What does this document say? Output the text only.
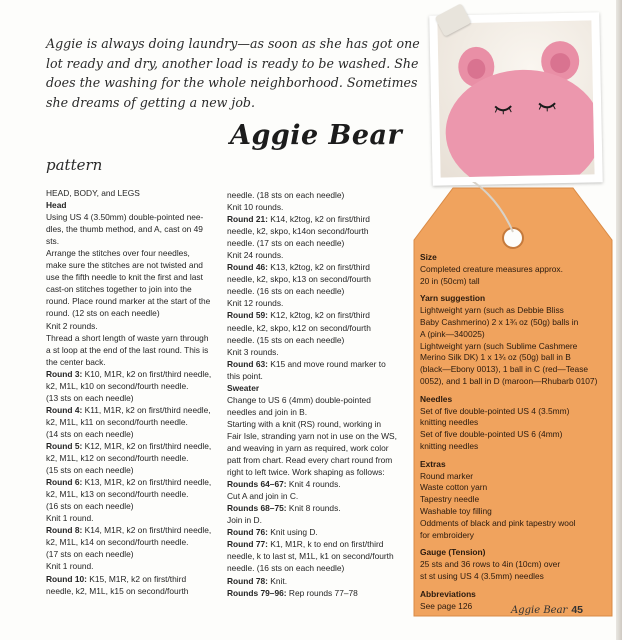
Aggie is always doing laundry—as soon as she has got one
lot ready and dry, another load is ready to be washed. She
does the washing for the whole neighborhood. Sometimes
she dreams of getting a new job.
Aggie Bear
pattern
HEAD, BODY, and LEGS
Head
Using US 4 (3.50mm) double-pointed nee-
dles, the thumb method, and A, cast on 49
sts.
Arrange the stitches over four needles,
make sure the stitches are not twisted and
use the fifth needle to knit the first and last
cast-on stitches together to join into the
round. Place round marker at the start of the
round. (12 sts on each needle)
Knit 2 rounds.
Thread a short length of waste yarn through
a st loop at the end of the last round. This is
the center back.
Round 3: K10, M1R, k2 on first/third needle,
k2, M1L, k10 on second/fourth needle.
(13 sts on each needle)
Round 4: K11, M1R, k2 on first/third needle,
k2, M1L, k11 on second/fourth needle.
(14 sts on each needle)
Round 5: K12, M1R, k2 on first/third needle,
k2, M1L, k12 on second/fourth needle.
(15 sts on each needle)
Round 6: K13, M1R, k2 on first/third needle,
k2, M1L, k13 on second/fourth needle.
(16 sts on each needle)
Knit 1 round.
Round 8: K14, M1R, k2 on first/third needle,
k2, M1L, k14 on second/fourth needle.
(17 sts on each needle)
Knit 1 round.
Round 10: K15, M1R, k2 on first/third
needle, k2, M1L, k15 on second/fourth
needle. (18 sts on each needle)
Knit 10 rounds.
Round 21: K14, k2tog, k2 on first/third
needle, k2, skpo, k14on second/fourth
needle. (17 sts on each needle)
Knit 24 rounds.
Round 46: K13, k2tog, k2 on first/third
needle, k2, skpo, k13 on second/fourth
needle. (16 sts on each needle)
Knit 12 rounds.
Round 59: K12, k2tog, k2 on first/third
needle, k2, skpo, k12 on second/fourth
needle. (15 sts on each needle)
Knit 3 rounds.
Round 63: K15 and move round marker to
this point.
Sweater
Change to US 6 (4mm) double-pointed
needles and join in B.
Starting with a knit (RS) round, working in
Fair Isle, stranding yarn not in use on the WS,
and weaving in yarn as required, work color
patt from chart. Read every chart round from
right to left twice. Work shaping as follows:
Rounds 64–67: Knit 4 rounds.
Cut A and join in C.
Rounds 68–75: Knit 8 rounds.
Join in D.
Round 76: Knit using D.
Round 77: K1, M1R, k to end on first/third
needle, k to last st, M1L, k1 on second/fourth
needle. (16 sts on each needle)
Round 78: Knit.
Rounds 79–96: Rep rounds 77–78
Size
Completed creature measures approx.
20 in (50cm) tall
Yarn suggestion
Lightweight yarn (such as Debbie Bliss
Baby Cashmerino) 2 x 1¾ oz (50g) balls in
A (pink—340025)
Lightweight yarn (such Sublime Cashmere
Merino Silk DK) 1 x 1¾ oz (50g) ball in B
(black—Ebony 0013), 1 ball in C (red—Tease
0052), and 1 ball in D (maroon—Rhubarb 0107)
Needles
Set of five double-pointed US 4 (3.5mm)
knitting needles
Set of five double-pointed US 6 (4mm)
knitting needles
Extras
Round marker
Waste cotton yarn
Tapestry needle
Washable toy filling
Oddments of black and pink tapestry wool
for embroidery
Gauge (Tension)
25 sts and 36 rows to 4in (10cm) over
st st using US 4 (3.5mm) needles
Abbreviations
See page 126	Aggie Bear 45
